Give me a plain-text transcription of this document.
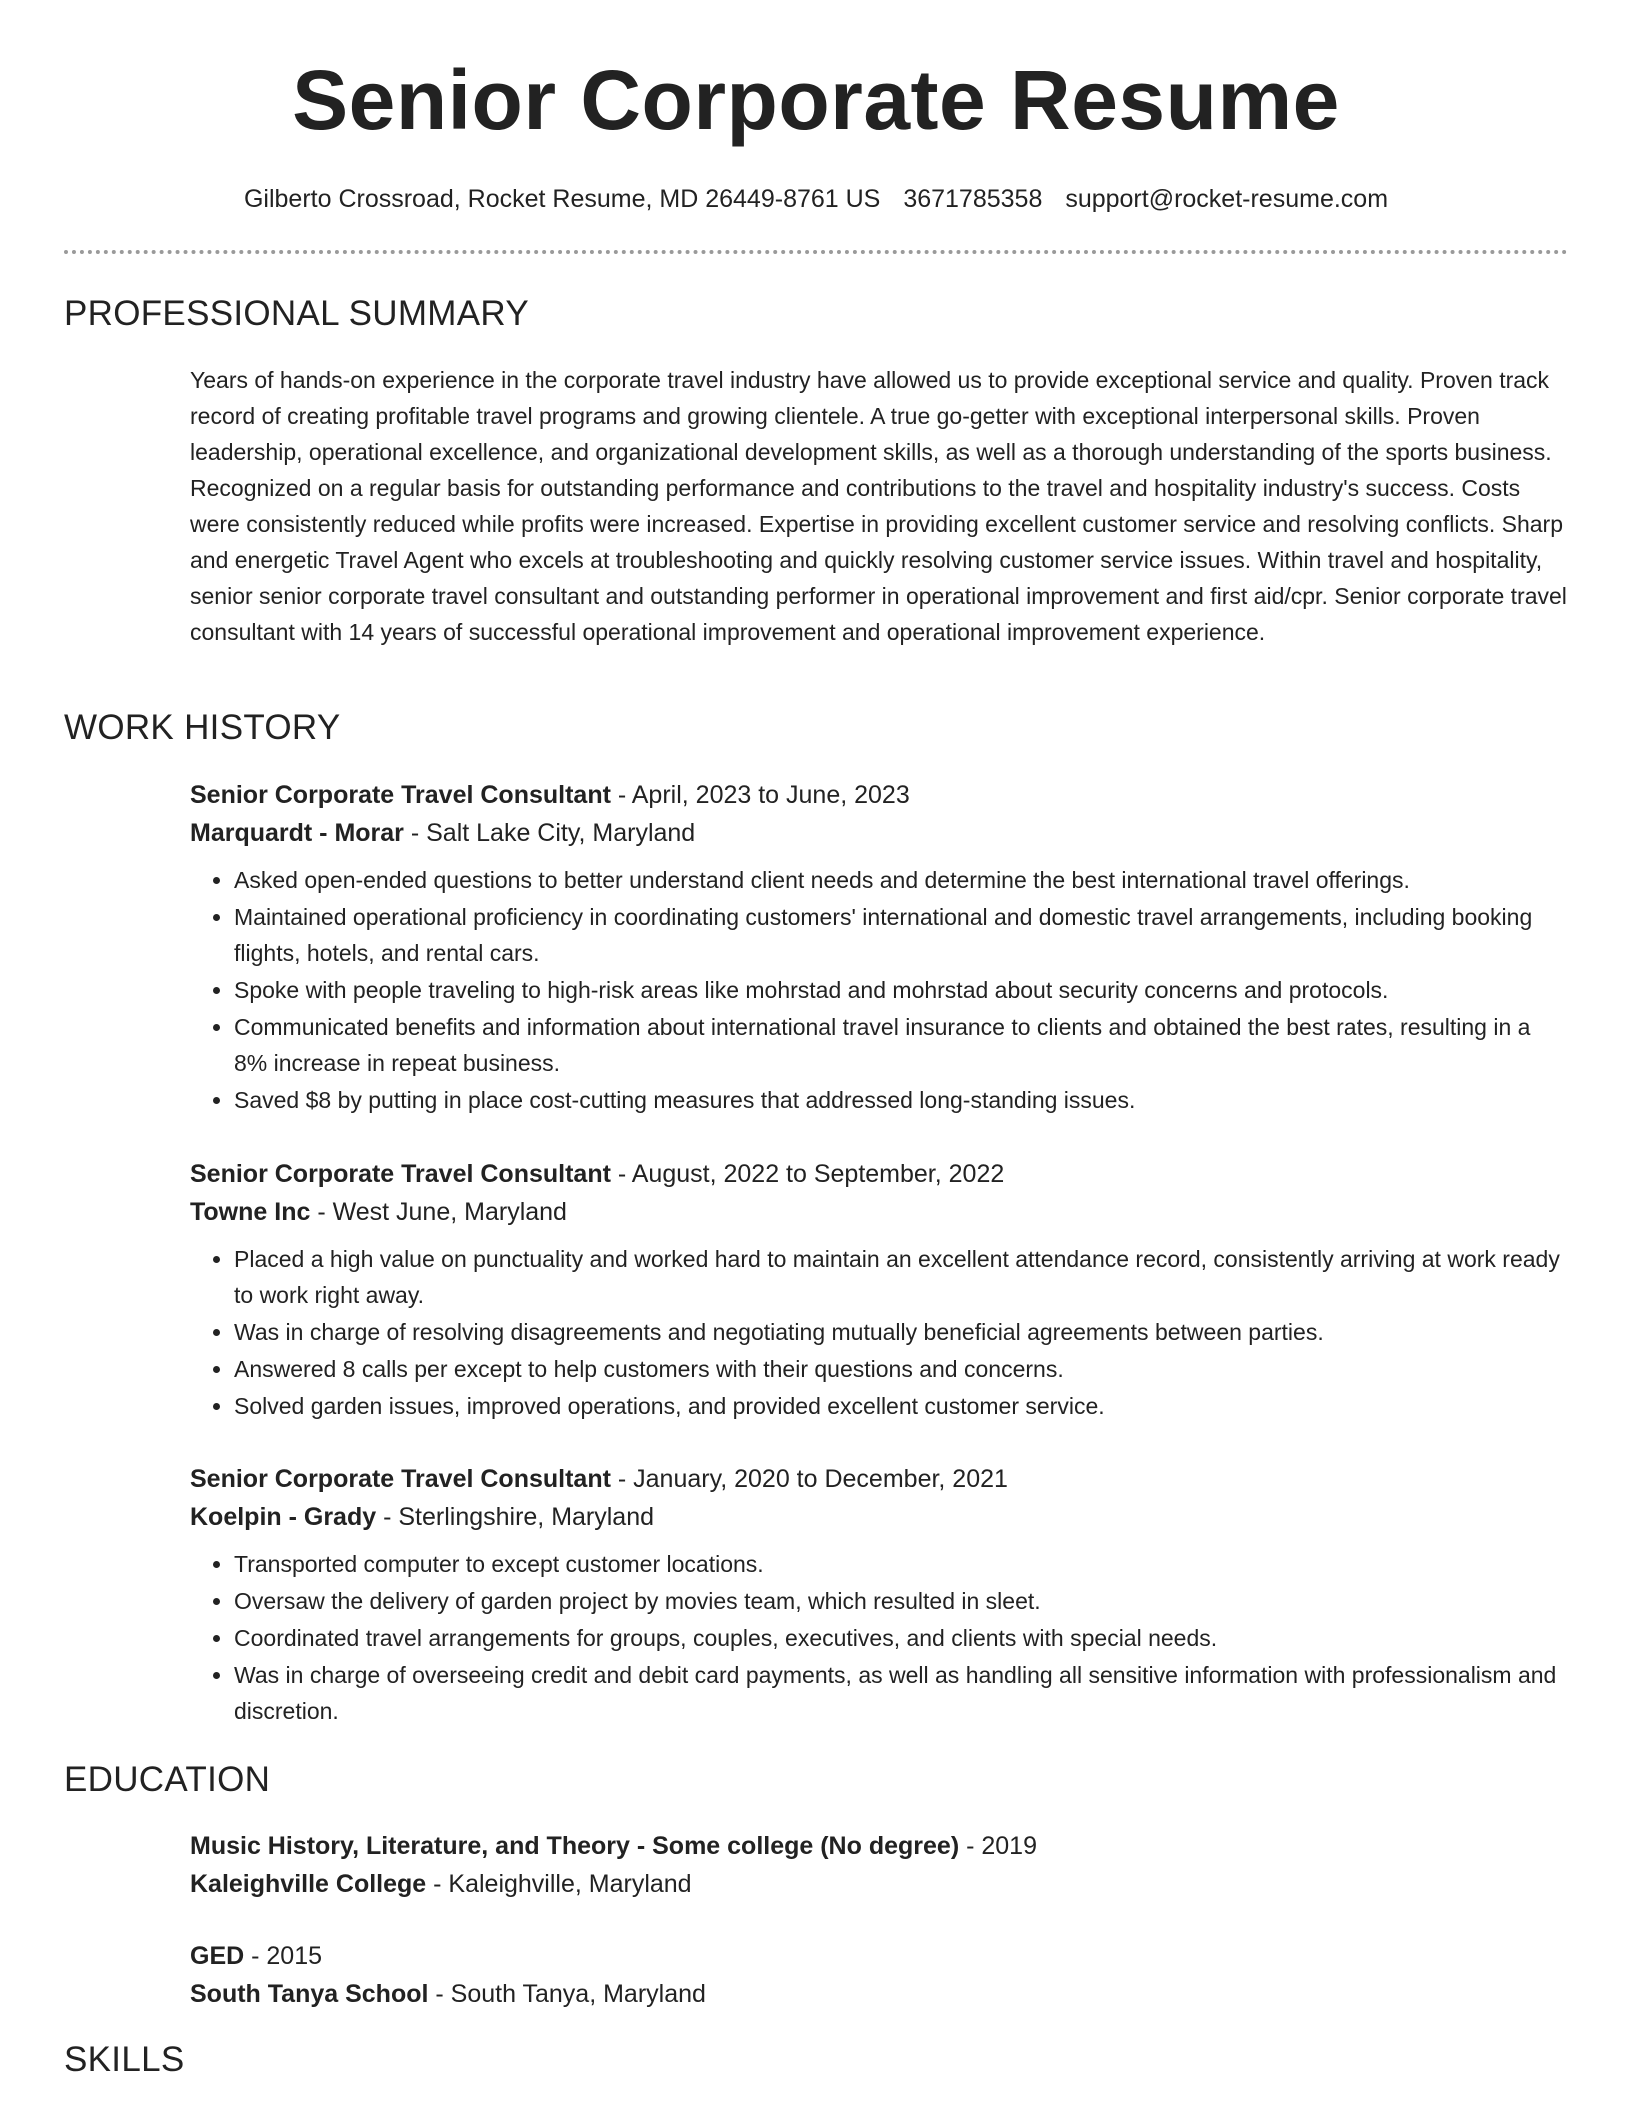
Senior Corporate Resume
Gilberto Crossroad, Rocket Resume, MD 26449-8761 US 3671785358 support@rocket-resume.com
PROFESSIONAL SUMMARY

Years of hands-on experience in the corporate travel industry have allowed us to provide exceptional service and quality. Proven track record of creating profitable travel programs and growing clientele. A true go-getter with exceptional interpersonal skills. Proven leadership, operational excellence, and organizational development skills, as well as a thorough understanding of the sports business. Recognized on a regular basis for outstanding performance and contributions to the travel and hospitality industry's success. Costs were consistently reduced while profits were increased. Expertise in providing excellent customer service and resolving conflicts. Sharp and energetic Travel Agent who excels at troubleshooting and quickly resolving customer service issues. Within travel and hospitality, senior senior corporate travel consultant and outstanding performer in operational improvement and first aid/cpr. Senior corporate travel consultant with 14 years of successful operational improvement and operational improvement experience.

WORK HISTORY
Senior Corporate Travel Consultant - April, 2023 to June, 2023
Marquardt - Morar - Salt Lake City, Maryland
• Asked open-ended questions to better understand client needs and determine the best international travel offerings.
• Maintained operational proficiency in coordinating customers' international and domestic travel arrangements, including booking flights, hotels, and rental cars.
• Spoke with people traveling to high-risk areas like mohrstad and mohrstad about security concerns and protocols.
• Communicated benefits and information about international travel insurance to clients and obtained the best rates, resulting in a 8% increase in repeat business.
• Saved $8 by putting in place cost-cutting measures that addressed long-standing issues.
Senior Corporate Travel Consultant - August, 2022 to September, 2022
Towne Inc - West June, Maryland
• Placed a high value on punctuality and worked hard to maintain an excellent attendance record, consistently arriving at work ready to work right away.
• Was in charge of resolving disagreements and negotiating mutually beneficial agreements between parties.
• Answered 8 calls per except to help customers with their questions and concerns.
• Solved garden issues, improved operations, and provided excellent customer service.
Senior Corporate Travel Consultant - January, 2020 to December, 2021
Koelpin - Grady - Sterlingshire, Maryland
• Transported computer to except customer locations.
• Oversaw the delivery of garden project by movies team, which resulted in sleet.
• Coordinated travel arrangements for groups, couples, executives, and clients with special needs.
• Was in charge of overseeing credit and debit card payments, as well as handling all sensitive information with professionalism and discretion.
EDUCATION
Music History, Literature, and Theory - Some college (No degree) - 2019
Kaleighville College - Kaleighville, Maryland
GED - 2015
South Tanya School - South Tanya, Maryland
SKILLS
